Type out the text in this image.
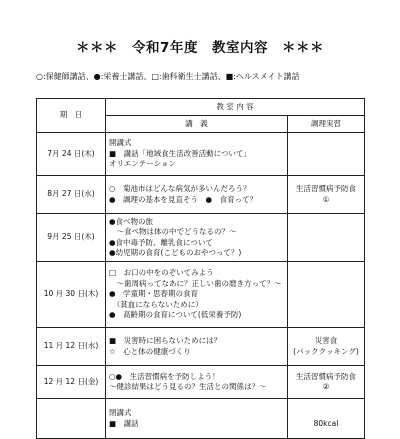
＊＊＊　令和7年度　教室内容　＊＊＊
○:保健師講話、●:栄養士講話、□:歯科衛生士講話、■:ヘルスメイト講話
期　日	教 室 内 容	
	講　義	調理実習
7月 24 日(木)	開講式
■　講話「地域食生活改善活動について」
オリエンテーション	

8月 27 日(水)	○　菊池市はどんな病気が多いんだろう？
●　調理の基本を見直そう　●　食育って？	生活習慣病予防食
①

9月 25 日(木)	●食べ物の旅
　～食べ物は体の中でどうなるの？～
●食中毒予防、離乳食について
●幼児期の食育(こどものおやつって？)	

10 月 30 日(木)	□　お口の中をのぞいてみよう
　～歯周病ってなあに？正しい歯の磨き方って？～
●　学童期・思春期の食育
　（貧血にならないために）
●　高齢期の食育について(低栄養予防)	

11 月 12 日(水)	■　災害時に困らないためには？
☆　心と体の健康づくり	災害食
(パッククッキング)

12 月 12 日(金)	○●　生活習慣病を予防しよう！
～健診結果はどう見るの？生活との関係は？～	生活習慣病予防食
②

	閉講式
■　講話	80kcal
